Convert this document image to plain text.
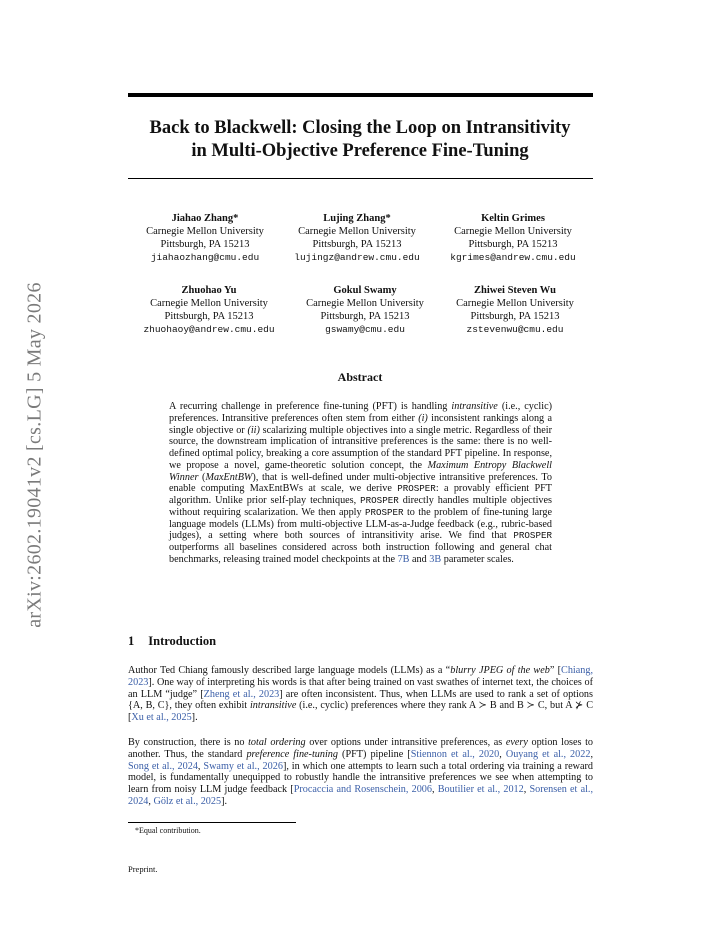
arXiv:2602.19041v2 [cs.LG] 5 May 2026
Back to Blackwell: Closing the Loop on Intransitivity
in Multi-Objective Preference Fine-Tuning
Jiahao Zhang*
Carnegie Mellon University
Pittsburgh, PA 15213
jiahaozhang@cmu.edu
Lujing Zhang*
Carnegie Mellon University
Pittsburgh, PA 15213
lujingz@andrew.cmu.edu
Keltin Grimes
Carnegie Mellon University
Pittsburgh, PA 15213
kgrimes@andrew.cmu.edu
Zhuohao Yu
Carnegie Mellon University
Pittsburgh, PA 15213
zhuohaoy@andrew.cmu.edu
Gokul Swamy
Carnegie Mellon University
Pittsburgh, PA 15213
gswamy@cmu.edu
Zhiwei Steven Wu
Carnegie Mellon University
Pittsburgh, PA 15213
zstevenwu@cmu.edu
Abstract
A recurring challenge in preference fine-tuning (PFT) is handling intransitive (i.e., cyclic) preferences. Intransitive preferences often stem from either (i) inconsistent rankings along a single objective or (ii) scalarizing multiple objectives into a single metric. Regardless of their source, the downstream implication of intransitive preferences is the same: there is no well-defined optimal policy, breaking a core assumption of the standard PFT pipeline. In response, we propose a novel, game-theoretic solution concept, the Maximum Entropy Blackwell Winner (MaxEntBW), that is well-defined under multi-objective intransitive preferences. To enable computing MaxEntBWs at scale, we derive PROSPER: a provably efficient PFT algorithm. Unlike prior self-play techniques, PROSPER directly handles multiple objectives without requiring scalarization. We then apply PROSPER to the problem of fine-tuning large language models (LLMs) from multi-objective LLM-as-a-Judge feedback (e.g., rubric-based judges), a setting where both sources of intransitivity arise. We find that PROSPER outperforms all baselines considered across both instruction following and general chat benchmarks, releasing trained model checkpoints at the 7B and 3B parameter scales.
1 Introduction
Author Ted Chiang famously described large language models (LLMs) as a “blurry JPEG of the web” [Chiang, 2023]. One way of interpreting his words is that after being trained on vast swathes of internet text, the choices of an LLM “judge” [Zheng et al., 2023] are often inconsistent. Thus, when LLMs are used to rank a set of options {A, B, C}, they often exhibit intransitive (i.e., cyclic) preferences where they rank A ≻ B and B ≻ C, but A ⊁ C [Xu et al., 2025].
By construction, there is no total ordering over options under intransitive preferences, as every option loses to another. Thus, the standard preference fine-tuning (PFT) pipeline [Stiennon et al., 2020, Ouyang et al., 2022, Song et al., 2024, Swamy et al., 2026], in which one attempts to learn such a total ordering via training a reward model, is fundamentally unequipped to robustly handle the intransitive preferences we see when attempting to learn from noisy LLM judge feedback [Procaccia and Rosenschein, 2006, Boutilier et al., 2012, Sorensen et al., 2024, Gölz et al., 2025].
*Equal contribution.
Preprint.
